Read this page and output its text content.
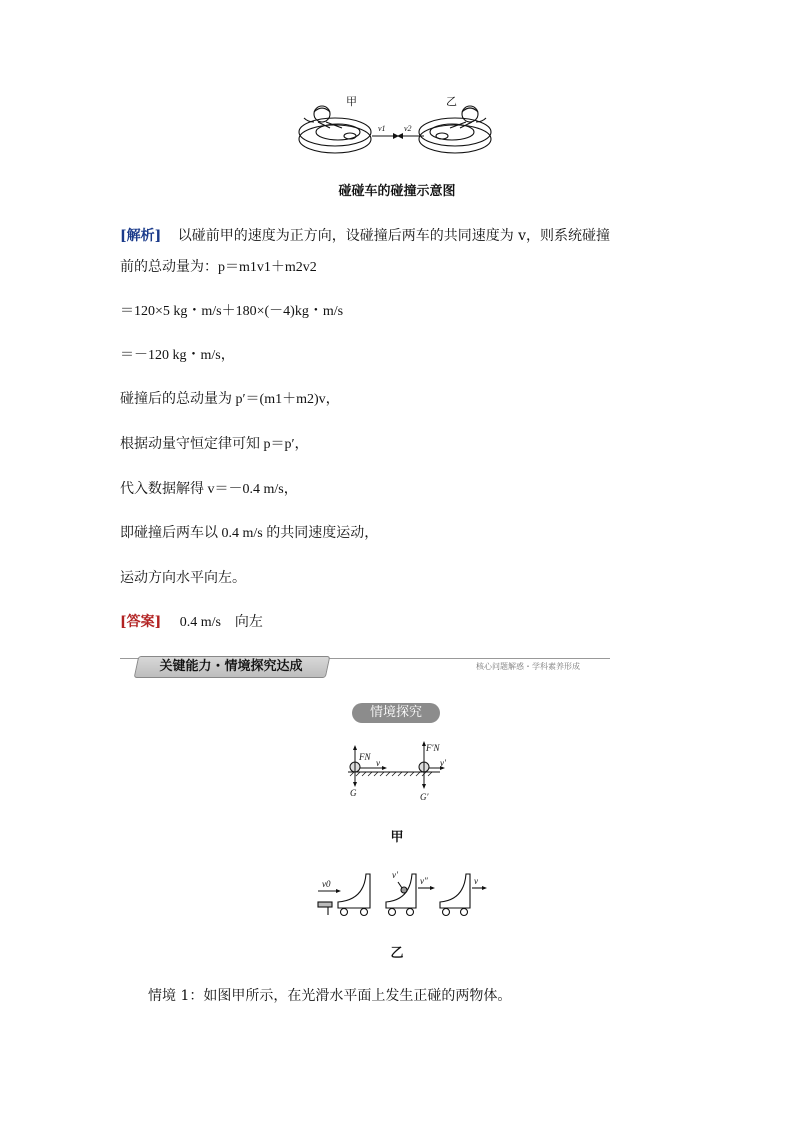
甲	乙
v1 v2
碰碰车的碰撞示意图
[解析] 以碰前甲的速度为正方向，设碰撞后两车的共同速度为 v，则系统碰撞
前的总动量为：p＝m1v1＋m2v2
＝120×5 kg・m/s＋180×(－4)kg・m/s
＝－120 kg・m/s，
碰撞后的总动量为 p′＝(m1＋m2)v，
根据动量守恒定律可知 p＝p′，
代入数据解得 v＝－0.4 m/s，
即碰撞后两车以 0.4 m/s 的共同速度运动，
运动方向水平向左。
[答案] 0.4 m/s　向左
关键能力・情境探究达成	核心问题解惑・学科素养形成
情境探究
FN
F′N
v	v′
G	G′
甲
v0
v′
v″	v
乙
情境 1：如图甲所示，在光滑水平面上发生正碰的两物体。
